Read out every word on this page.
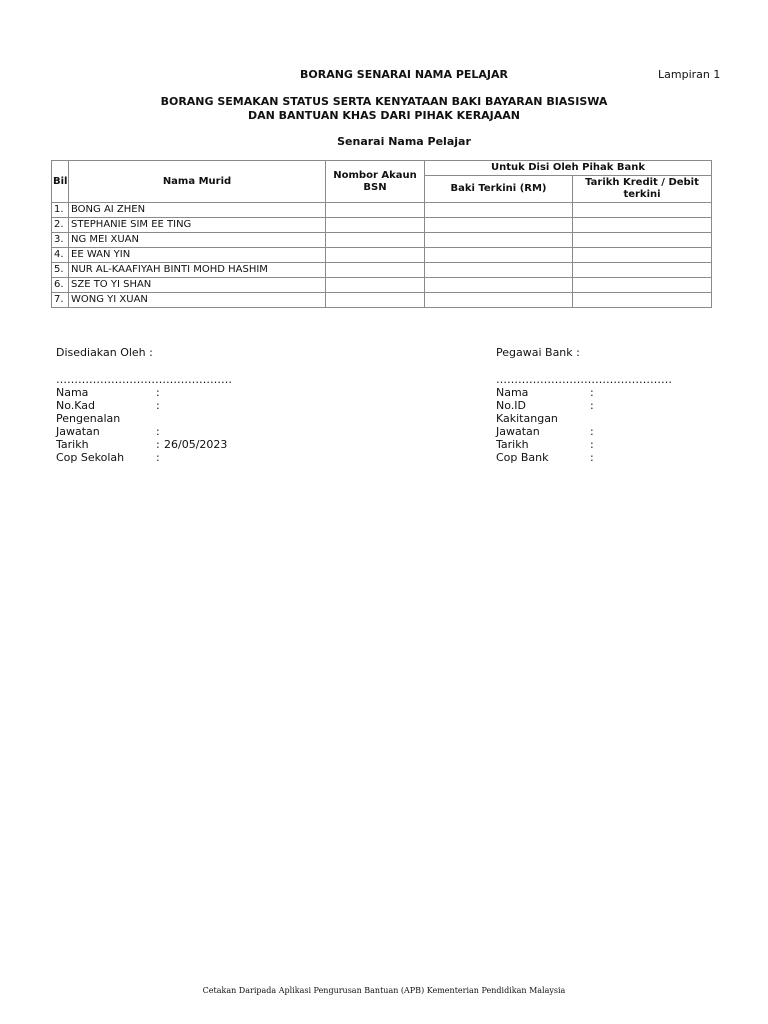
BORANG SENARAI NAMA PELAJAR	Lampiran 1
BORANG SEMAKAN STATUS SERTA KENYATAAN BAKI BAYARAN BIASISWA
DAN BANTUAN KHAS DARI PIHAK KERAJAAN
Senarai Nama Pelajar
Bil	Nama Murid	Nombor Akaun BSN	Untuk Disi Oleh Pihak Bank	
			Baki Terkini (RM)	Tarikh Kredit / Debit terkini
1.	BONG AI ZHEN			
2.	STEPHANIE SIM EE TING			
3.	NG MEI XUAN			
4.	EE WAN YIN			
5.	NUR AL-KAAFIYAH BINTI MOHD HASHIM			
6.	SZE TO YI SHAN			
7.	WONG YI XUAN			
Disediakan Oleh :
…………………………………………
Nama	:
No.Kad Pengenalan
:
Jawatan	:
Tarikh	: 26/05/2023
Cop Sekolah	:
Pegawai Bank :
…………………………………………
Nama	:
No.ID Kakitangan
:
Jawatan	:
Tarikh	:
Cop Bank	:
Cetakan Daripada Aplikasi Pengurusan Bantuan (APB) Kementerian Pendidikan Malaysia
